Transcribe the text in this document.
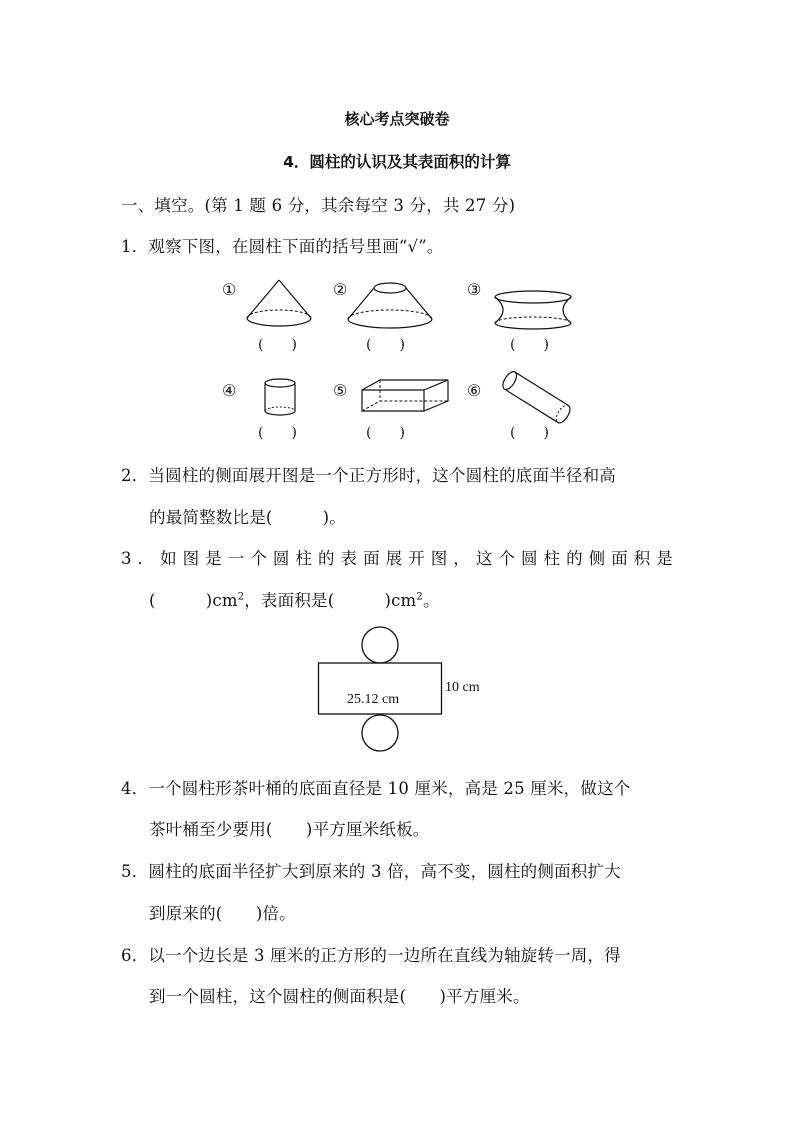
核心考点突破卷
4．圆柱的认识及其表面积的计算
一、填空。(第 1 题 6 分，其余每空 3 分，共 27 分)
1．观察下图，在圆柱下面的括号里画“√”。
①	②	③
④	⑤	⑥
(　　)	(　　)	(　　)
(　　)	(　　)	(　　)
2．当圆柱的侧面展开图是一个正方形时，这个圆柱的底面半径和高
的最简整数比是(　　　)。
3．如图是一个圆柱的表面展开图，这个圆柱的侧面积是
(　　　)$cm^2$，表面积是(　　　)$cm^2$。
25.12 cm
10 cm
4．一个圆柱形茶叶桶的底面直径是 10 厘米，高是 25 厘米，做这个
茶叶桶至少要用(　　)平方厘米纸板。
5．圆柱的底面半径扩大到原来的 3 倍，高不变，圆柱的侧面积扩大
到原来的(　　)倍。
6．以一个边长是 3 厘米的正方形的一边所在直线为轴旋转一周，得
到一个圆柱，这个圆柱的侧面积是(　　)平方厘米。
